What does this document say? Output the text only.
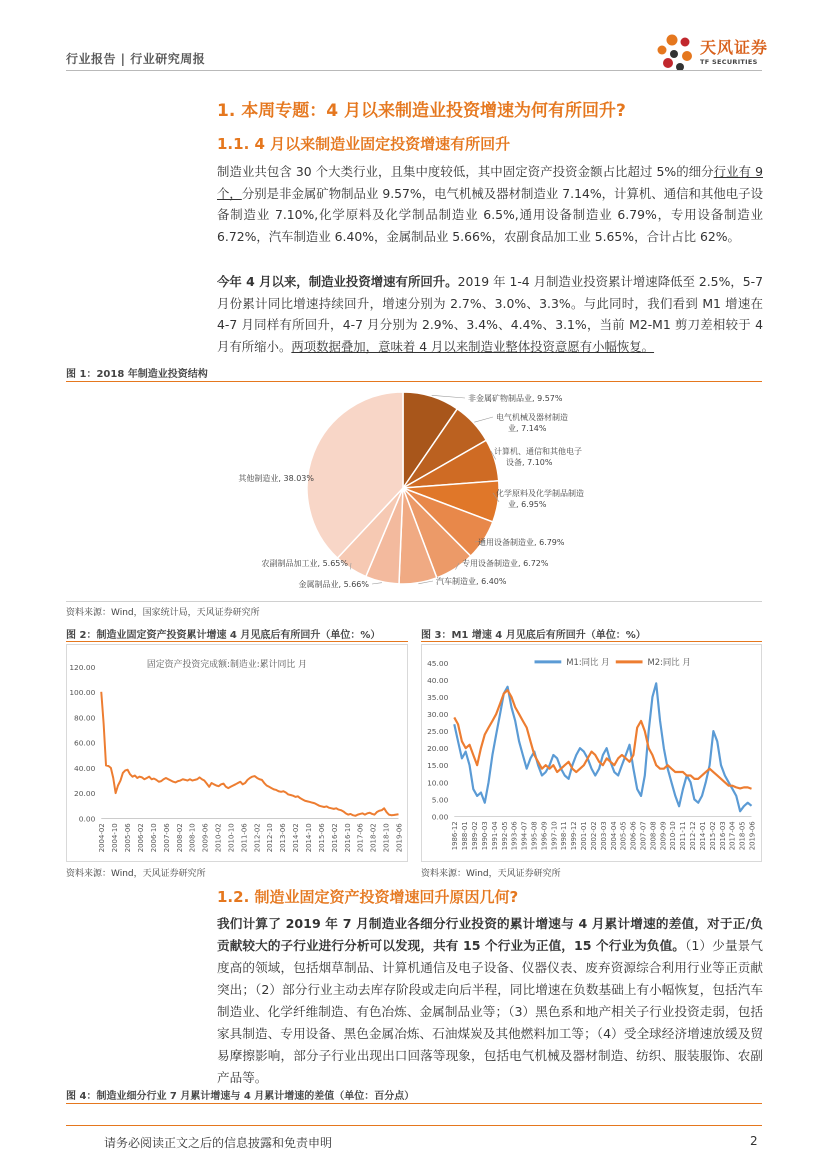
行业报告 | 行业研究周报
天风证券
TF SECURITIES
1. 本周专题：4 月以来制造业投资增速为何有所回升?
1.1. 4 月以来制造业固定投资增速有所回升
制造业共包含 30 个大类行业，且集中度较低，其中固定资产投资金额占比超过 5%的细分行业有 9 个，分别是非金属矿物制品业 9.57%，电气机械及器材制造业 7.14%，计算机、通信和其他电子设备制造业 7.10%,化学原料及化学制品制造业 6.5%,通用设备制造业 6.79%，专用设备制造业 6.72%，汽车制造业 6.40%，金属制品业 5.66%，农副食品加工业 5.65%，合计占比 62%。
今年 4 月以来，制造业投资增速有所回升。2019 年 1-4 月制造业投资累计增速降低至 2.5%，5-7 月份累计同比增速持续回升，增速分别为 2.7%、3.0%、3.3%。与此同时，我们看到 M1 增速在 4-7 月同样有所回升，4-7 月分别为 2.9%、3.4%、4.4%、3.1%，当前 M2-M1 剪刀差相较于 4 月有所缩小。两项数据叠加，意味着 4 月以来制造业整体投资意愿有小幅恢复。
图 1：2018 年制造业投资结构
非金属矿物制品业, 9.57%
电气机械及器材制造业, 7.14%
计算机、通信和其他电子设备, 7.10%
化学原料及化学制品制造业, 6.95%
通用设备制造业, 6.79%
专用设备制造业, 6.72%
汽车制造业, 6.40%
金属制品业, 5.66%
农副制品加工业, 5.65%
其他制造业, 38.03%
资料来源：Wind，国家统计局，天风证券研究所
图 2：制造业固定资产投资累计增速 4 月见底后有所回升（单位：%）	图 3：M1 增速 4 月见底后有所回升（单位：%）
0.00
20.00
40.00
60.00
80.00
100.00
120.00
2004-02 2004-10 2005-06 2006-02 2006-10 2007-06 2008-02 2008-10 2009-06 2010-02 2010-10 2011-06 2012-02 2012-10 2013-06 2014-02 2014-10 2015-06 2016-02 2016-10 2017-06 2018-02 2018-10 2019-06
固定资产投资完成额:制造业:累计同比 月
0.00
5.00
10.00
15.00
20.00
25.00
30.00
35.00
40.00
45.00
1986-12 1988-01 1989-02 1990-03 1991-04 1992-05 1993-06 1994-07 1995-08 1996-09 1997-10 1998-11 1999-12 2001-01 2002-02 2003-03 2004-04 2005-05 2006-06 2007-07 2008-08 2009-09 2010-10 2011-11 2012-12 2014-01 2015-02 2016-03 2017-04 2018-05 2019-06
M1:同比 月	M2:同比 月
资料来源：Wind，天风证券研究所	资料来源：Wind，天风证券研究所
1.2. 制造业固定资产投资增速回升原因几何?
我们计算了 2019 年 7 月制造业各细分行业投资的累计增速与 4 月累计增速的差值，对于正/负贡献较大的子行业进行分析可以发现，共有 15 个行业为正值，15 个行业为负值。（1）少量景气度高的领域，包括烟草制品、计算机通信及电子设备、仪器仪表、废弃资源综合利用行业等正贡献突出；（2）部分行业主动去库存阶段或走向后半程，同比增速在负数基础上有小幅恢复，包括汽车制造业、化学纤维制造、有色冶炼、金属制品业等；（3）黑色系和地产相关子行业投资走弱，包括家具制造、专用设备、黑色金属冶炼、石油煤炭及其他燃料加工等；（4）受全球经济增速放缓及贸易摩擦影响，部分子行业出现出口回落等现象，包括电气机械及器材制造、纺织、服装服饰、农副产品等。
图 4：制造业细分行业 7 月累计增速与 4 月累计增速的差值（单位：百分点）
请务必阅读正文之后的信息披露和免责申明	2
